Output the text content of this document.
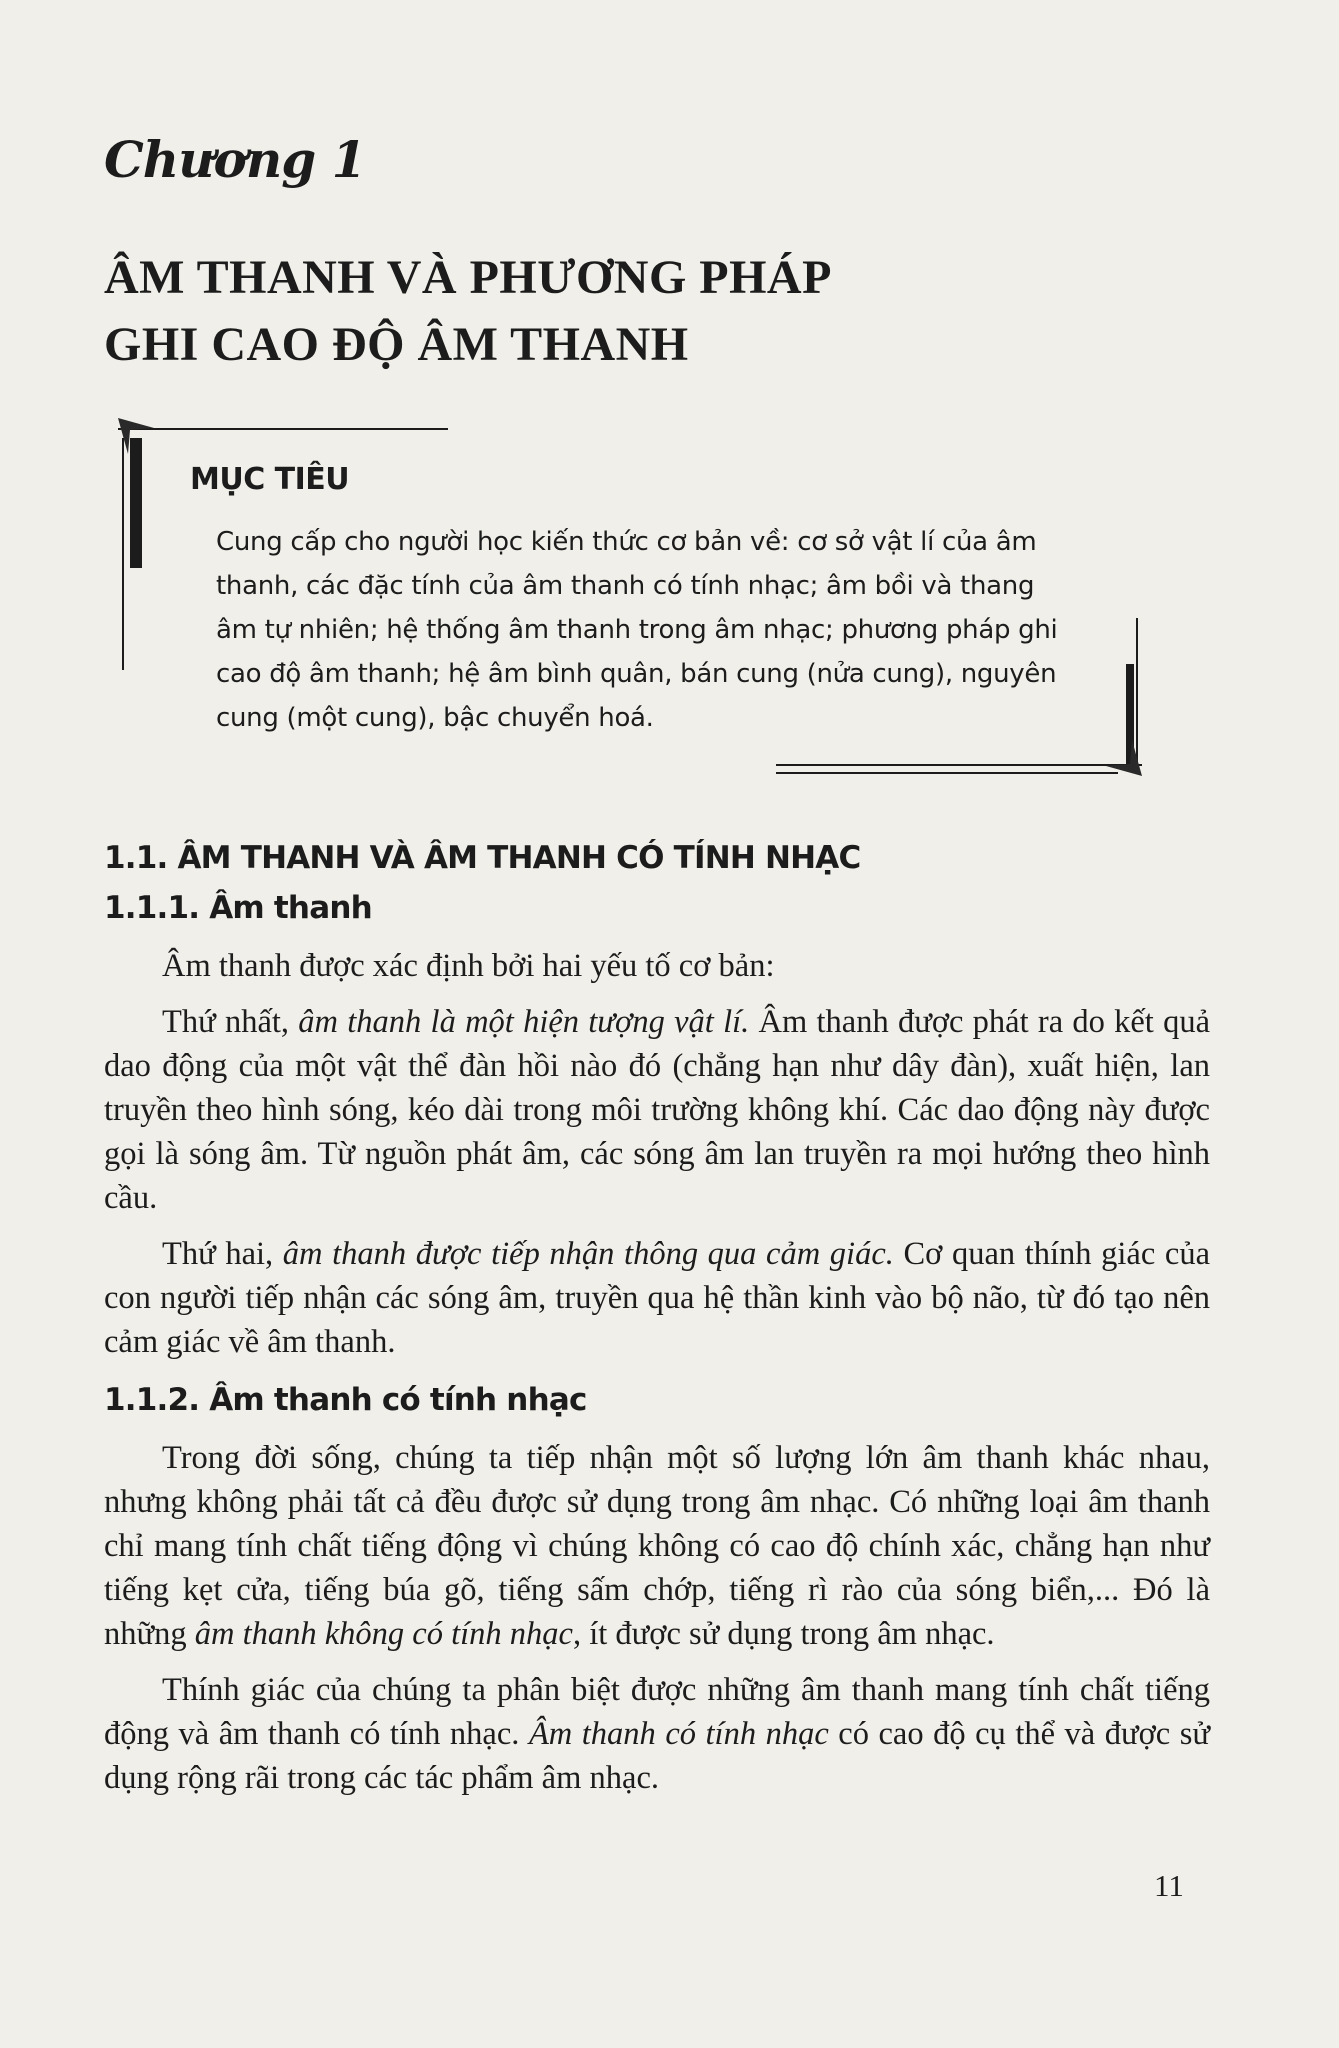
Chương 1
ÂM THANH VÀ PHƯƠNG PHÁP
GHI CAO ĐỘ ÂM THANH
MỤC TIÊU

Cung cấp cho người học kiến thức cơ bản về: cơ sở vật lí của âm thanh, các đặc tính của âm thanh có tính nhạc; âm bồi và thang âm tự nhiên; hệ thống âm thanh trong âm nhạc; phương pháp ghi cao độ âm thanh; hệ âm bình quân, bán cung (nửa cung), nguyên cung (một cung), bậc chuyển hoá.

1.1. ÂM THANH VÀ ÂM THANH CÓ TÍNH NHẠC
1.1.1. Âm thanh

Âm thanh được xác định bởi hai yếu tố cơ bản:

Thứ nhất, âm thanh là một hiện tượng vật lí. Âm thanh được phát ra do kết quả dao động của một vật thể đàn hồi nào đó (chẳng hạn như dây đàn), xuất hiện, lan truyền theo hình sóng, kéo dài trong môi trường không khí. Các dao động này được gọi là sóng âm. Từ nguồn phát âm, các sóng âm lan truyền ra mọi hướng theo hình cầu.

Thứ hai, âm thanh được tiếp nhận thông qua cảm giác. Cơ quan thính giác của con người tiếp nhận các sóng âm, truyền qua hệ thần kinh vào bộ não, từ đó tạo nên cảm giác về âm thanh.

1.1.2. Âm thanh có tính nhạc

Trong đời sống, chúng ta tiếp nhận một số lượng lớn âm thanh khác nhau, nhưng không phải tất cả đều được sử dụng trong âm nhạc. Có những loại âm thanh chỉ mang tính chất tiếng động vì chúng không có cao độ chính xác, chẳng hạn như tiếng kẹt cửa, tiếng búa gõ, tiếng sấm chớp, tiếng rì rào của sóng biển,... Đó là những âm thanh không có tính nhạc, ít được sử dụng trong âm nhạc.

Thính giác của chúng ta phân biệt được những âm thanh mang tính chất tiếng động và âm thanh có tính nhạc. Âm thanh có tính nhạc có cao độ cụ thể và được sử dụng rộng rãi trong các tác phẩm âm nhạc.

11
